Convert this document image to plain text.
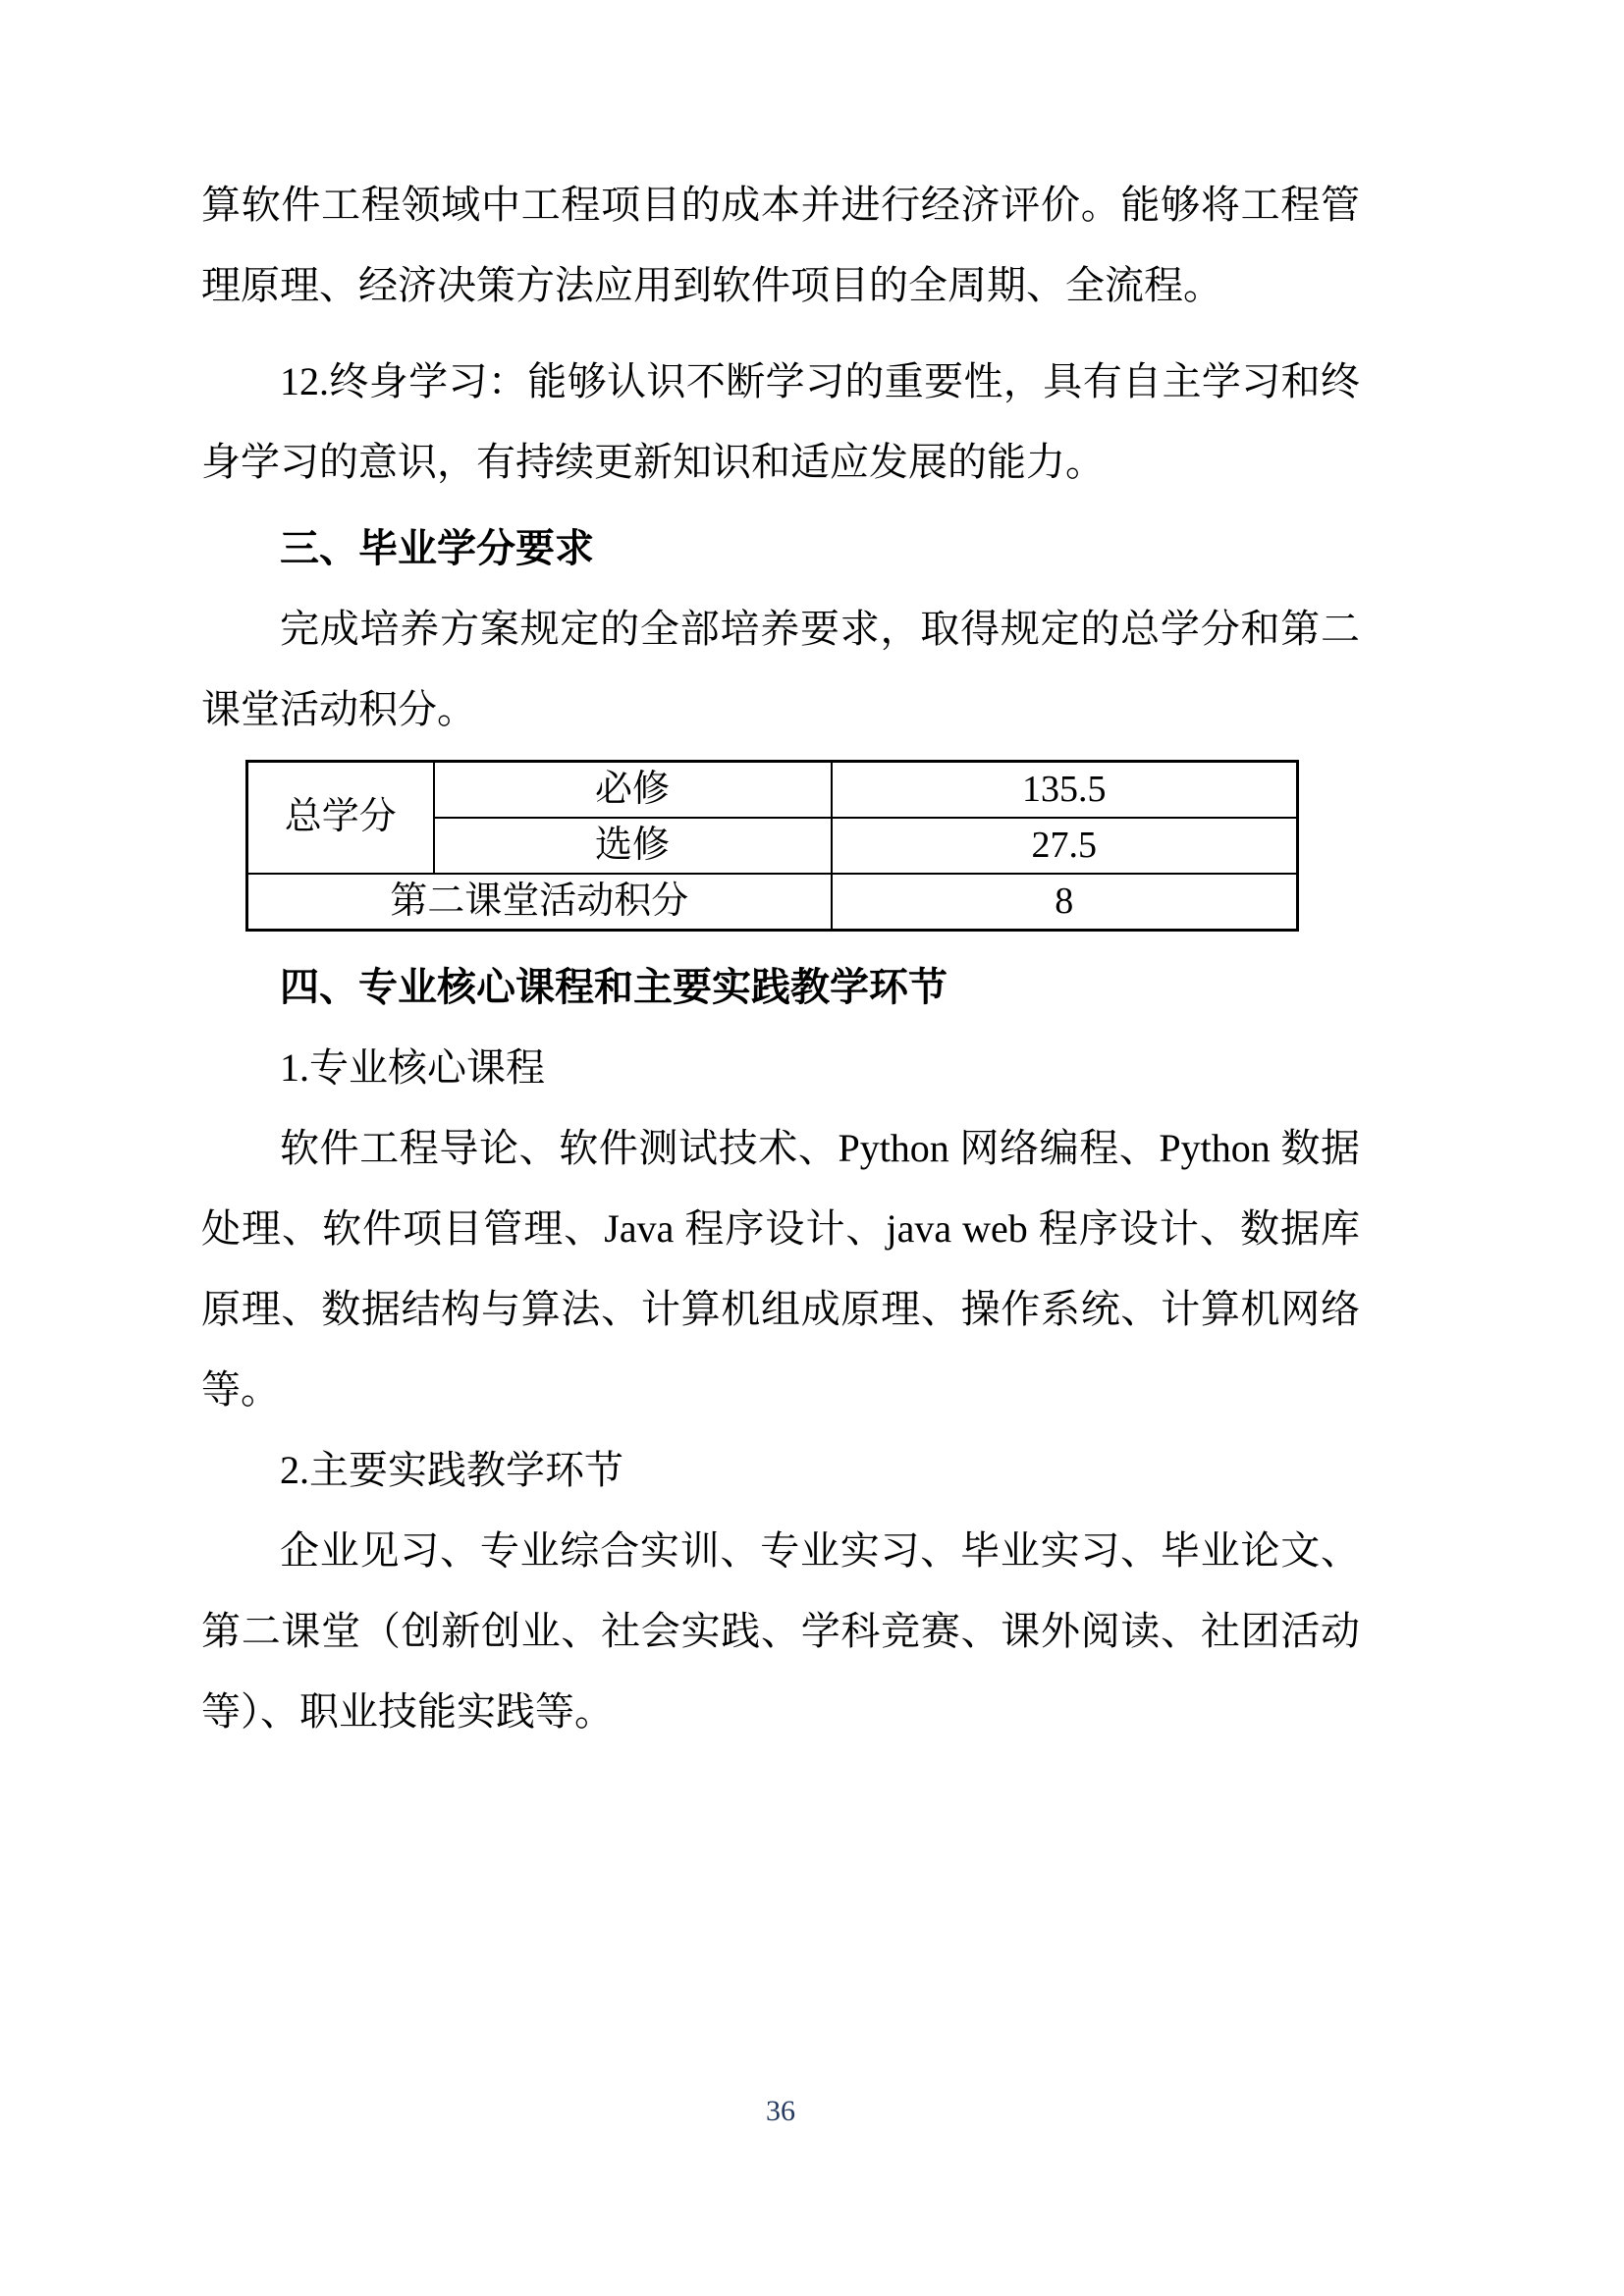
算软件工程领域中工程项目的成本并进行经济评价。能够将工程管理原理、经济决策方法应用到软件项目的全周期、全流程。

12.终身学习：能够认识不断学习的重要性，具有自主学习和终身学习的意识，有持续更新知识和适应发展的能力。

三、毕业学分要求

完成培养方案规定的全部培养要求，取得规定的总学分和第二课堂活动积分。

总学分	必修	135.5
	选修	27.5
第二课堂活动积分		8

四、专业核心课程和主要实践教学环节

1.专业核心课程

软件工程导论、软件测试技术、Python 网络编程、Python 数据处理、软件项目管理、Java 程序设计、java web 程序设计、数据库原理、数据结构与算法、计算机组成原理、操作系统、计算机网络等。

2.主要实践教学环节

企业见习、专业综合实训、专业实习、毕业实习、毕业论文、第二课堂（创新创业、社会实践、学科竞赛、课外阅读、社团活动等）、职业技能实践等。

36
